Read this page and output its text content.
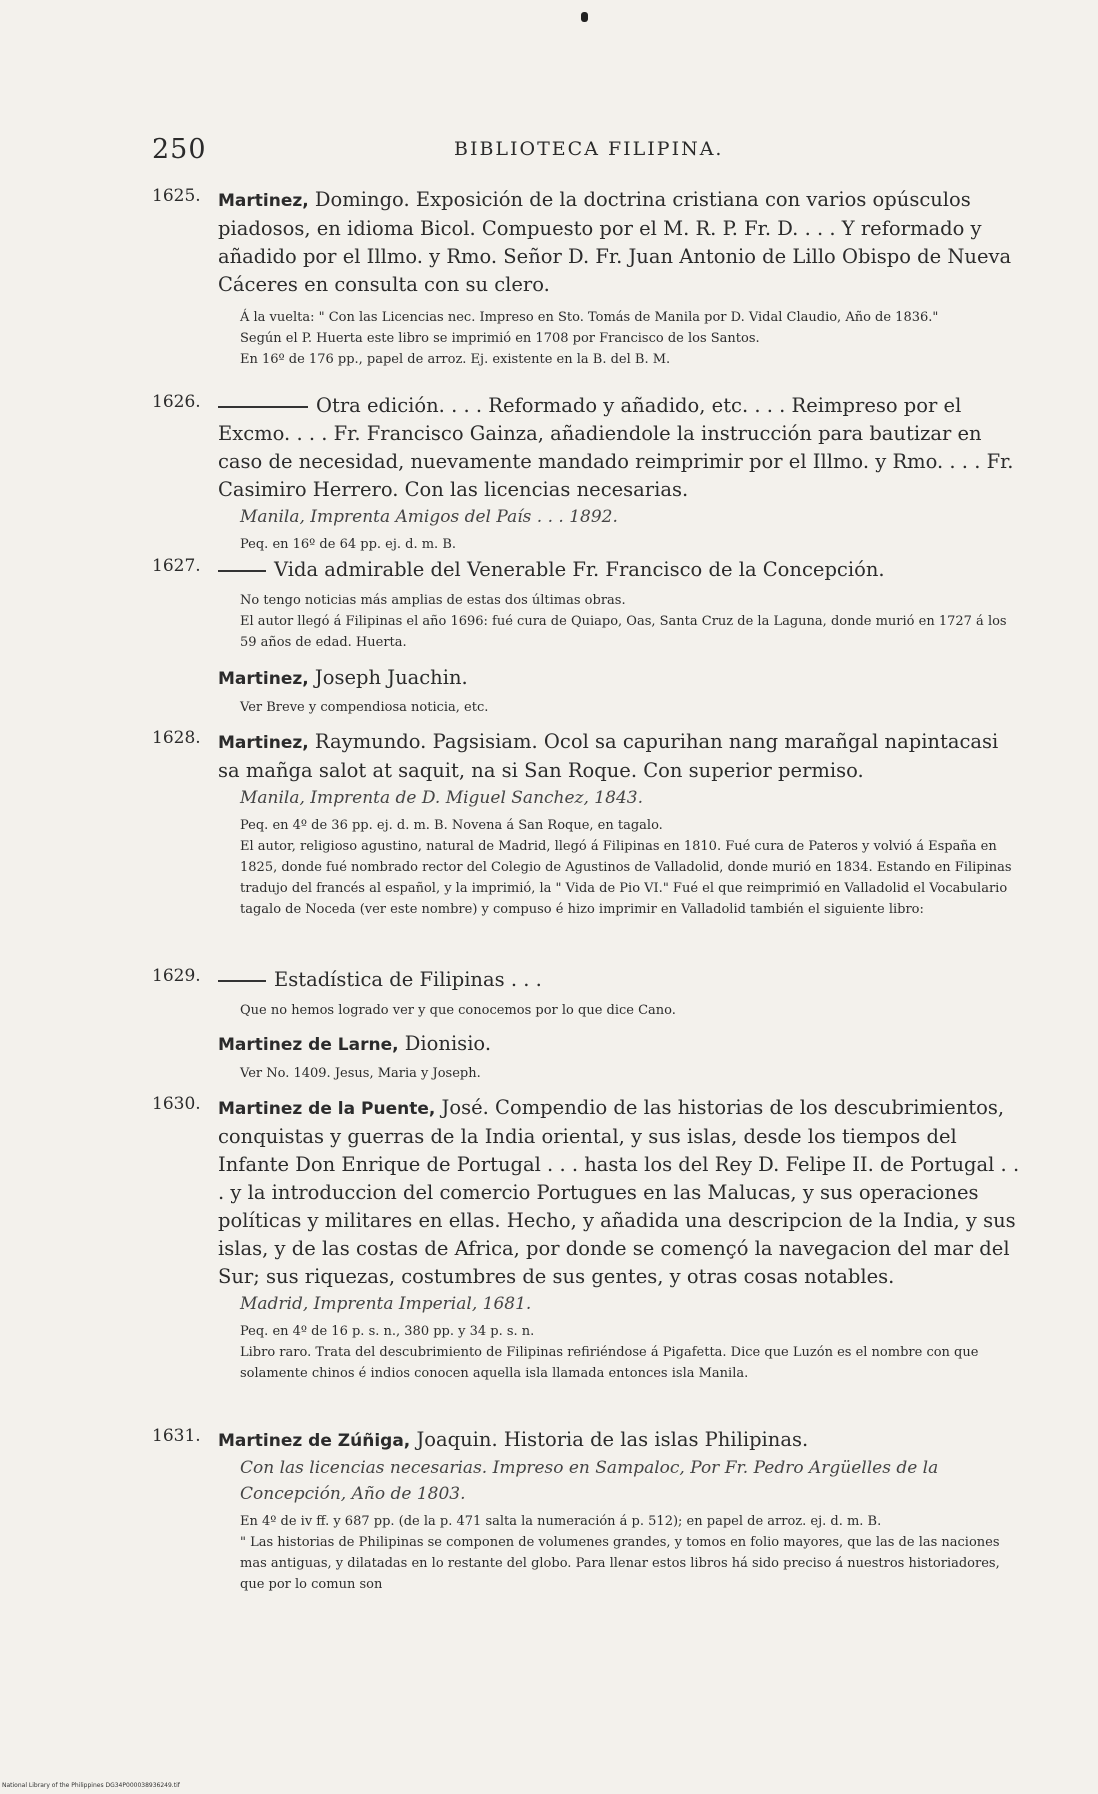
250	BIBLIOTECA FILIPINA.
1625.	Martinez, Domingo. Exposición de la doctrina cristiana con varios opúsculos piadosos, en idioma Bicol. Compuesto por el M. R. P. Fr. D. . . . Y reformado y añadido por el Illmo. y Rmo. Señor D. Fr. Juan Antonio de Lillo Obispo de Nueva Cáceres en consulta con su clero.

Á la vuelta: " Con las Licencias nec. Impreso en Sto. Tomás de Manila por D. Vidal Claudio, Año de 1836."

Según el P. Huerta este libro se imprimió en 1708 por Francisco de los Santos.

En 16º de 176 pp., papel de arroz. Ej. existente en la B. del B. M.

1626.	Otra edición. . . . Reformado y añadido, etc. . . . Reimpreso por el Excmo. . . . Fr. Francisco Gainza, añadiendole la instrucción para bautizar en caso de necesidad, nuevamente mandado reimprimir por el Illmo. y Rmo. . . . Fr. Casimiro Herrero. Con las licencias necesarias.

Manila, Imprenta Amigos del País . . . 1892.

Peq. en 16º de 64 pp. ej. d. m. B.

1627.	Vida admirable del Venerable Fr. Francisco de la Concepción.

No tengo noticias más amplias de estas dos últimas obras.

El autor llegó á Filipinas el año 1696: fué cura de Quiapo, Oas, Santa Cruz de la Laguna, donde murió en 1727 á los 59 años de edad. Huerta.

Martinez, Joseph Juachin.

Ver Breve y compendiosa noticia, etc.

1628.	Martinez, Raymundo. Pagsisiam. Ocol sa capurihan nang marañgal napintacasi sa mañga salot at saquit, na si San Roque. Con superior permiso.

Manila, Imprenta de D. Miguel Sanchez, 1843.

Peq. en 4º de 36 pp. ej. d. m. B. Novena á San Roque, en tagalo.

El autor, religioso agustino, natural de Madrid, llegó á Filipinas en 1810. Fué cura de Pateros y volvió á España en 1825, donde fué nombrado rector del Colegio de Agustinos de Valladolid, donde murió en 1834. Estando en Filipinas tradujo del francés al español, y la imprimió, la " Vida de Pio VI." Fué el que reimprimió en Valladolid el Vocabulario tagalo de Noceda (ver este nombre) y compuso é hizo imprimir en Valladolid también el siguiente libro:

1629.	Estadística de Filipinas . . .

Que no hemos logrado ver y que conocemos por lo que dice Cano.

Martinez de Larne, Dionisio.

Ver No. 1409. Jesus, Maria y Joseph.

1630.	Martinez de la Puente, José. Compendio de las historias de los descubrimientos, conquistas y guerras de la India oriental, y sus islas, desde los tiempos del Infante Don Enrique de Portugal . . . hasta los del Rey D. Felipe II. de Portugal . . . y la introduccion del comercio Portugues en las Malucas, y sus operaciones políticas y militares en ellas. Hecho, y añadida una descripcion de la India, y sus islas, y de las costas de Africa, por donde se començó la navegacion del mar del Sur; sus riquezas, costumbres de sus gentes, y otras cosas notables.

Madrid, Imprenta Imperial, 1681.

Peq. en 4º de 16 p. s. n., 380 pp. y 34 p. s. n.

Libro raro. Trata del descubrimiento de Filipinas refiriéndose á Pigafetta. Dice que Luzón es el nombre con que solamente chinos é indios conocen aquella isla llamada entonces isla Manila.

1631.	Martinez de Zúñiga, Joaquin. Historia de las islas Philipinas.

Con las licencias necesarias. Impreso en Sampaloc, Por Fr. Pedro Argüelles de la Concepción, Año de 1803.

En 4º de iv ff. y 687 pp. (de la p. 471 salta la numeración á p. 512); en papel de arroz. ej. d. m. B.

" Las historias de Philipinas se componen de volumenes grandes, y tomos en folio mayores, que las de las naciones mas antiguas, y dilatadas en lo restante del globo. Para llenar estos libros há sido preciso á nuestros historiadores, que por lo comun son

National Library of the Philippines DG34P000038936249.tif
